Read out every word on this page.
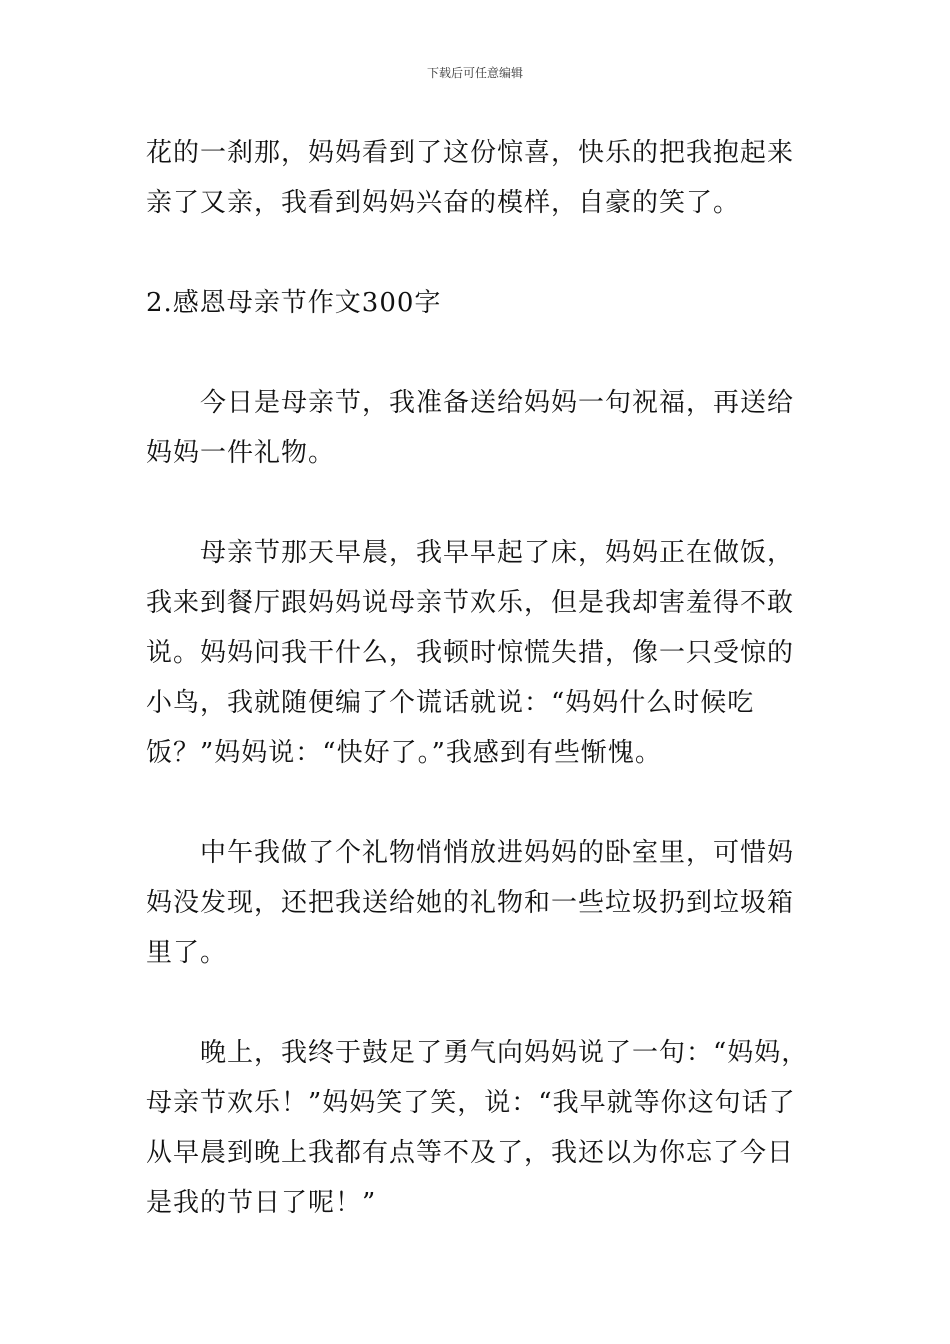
下载后可任意编辑

花的一刹那，妈妈看到了这份惊喜，快乐的把我抱起来亲了又亲，我看到妈妈兴奋的模样，自豪的笑了。

2.感恩母亲节作文300字

今日是母亲节，我准备送给妈妈一句祝福，再送给妈妈一件礼物。

母亲节那天早晨，我早早起了床，妈妈正在做饭，我来到餐厅跟妈妈说母亲节欢乐，但是我却害羞得不敢说。妈妈问我干什么，我顿时惊慌失措，像一只受惊的小鸟，我就随便编了个谎话就说：“妈妈什么时候吃饭？”妈妈说：“快好了。”我感到有些惭愧。

中午我做了个礼物悄悄放进妈妈的卧室里，可惜妈妈没发现，还把我送给她的礼物和一些垃圾扔到垃圾箱里了。

晚上，我终于鼓足了勇气向妈妈说了一句：“妈妈，母亲节欢乐！”妈妈笑了笑，说：“我早就等你这句话了从早晨到晚上我都有点等不及了，我还以为你忘了今日是我的节日了呢！”
